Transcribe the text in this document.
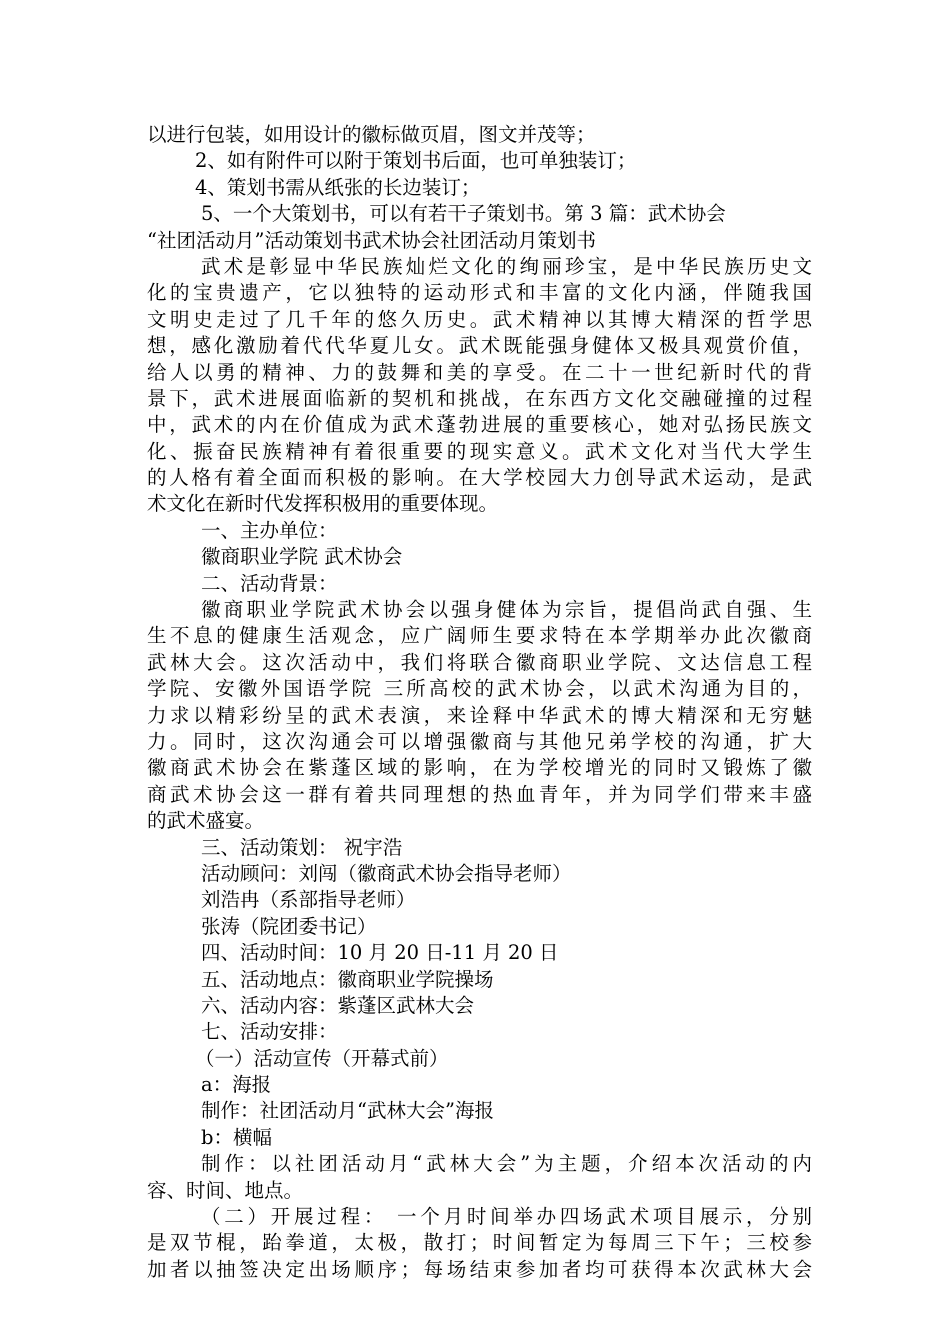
以进行包装，如用设计的徽标做页眉，图文并茂等；
2、如有附件可以附于策划书后面，也可单独装订；
4、策划书需从纸张的长边装订；
5、一个大策划书，可以有若干子策划书。第 3 篇：武术协会
“社团活动月”活动策划书武术协会社团活动月策划书
武术是彰显中华民族灿烂文化的绚丽珍宝，是中华民族历史文
化的宝贵遗产，它以独特的运动形式和丰富的文化内涵，伴随我国
文明史走过了几千年的悠久历史。武术精神以其博大精深的哲学思
想，感化激励着代代华夏儿女。武术既能强身健体又极具观赏价值，
给人以勇的精神、力的鼓舞和美的享受。在二十一世纪新时代的背
景下，武术进展面临新的契机和挑战，在东西方文化交融碰撞的过程
中，武术的内在价值成为武术蓬勃进展的重要核心，她对弘扬民族文
化、振奋民族精神有着很重要的现实意义。武术文化对当代大学生
的人格有着全面而积极的影响。在大学校园大力创导武术运动，是武
术文化在新时代发挥积极用的重要体现。
一、主办单位：
徽商职业学院 武术协会
二、活动背景：
徽商职业学院武术协会以强身健体为宗旨，提倡尚武自强、生
生不息的健康生活观念，应广阔师生要求特在本学期举办此次徽商
武林大会。这次活动中，我们将联合徽商职业学院、文达信息工程
学院、安徽外国语学院 三所高校的武术协会，以武术沟通为目的，
力求以精彩纷呈的武术表演，来诠释中华武术的博大精深和无穷魅
力。同时，这次沟通会可以增强徽商与其他兄弟学校的沟通，扩大
徽商武术协会在紫蓬区域的影响，在为学校增光的同时又锻炼了徽
商武术协会这一群有着共同理想的热血青年，并为同学们带来丰盛
的武术盛宴。
三、活动策划： 祝宇浩
活动顾问：刘闯（徽商武术协会指导老师）
刘浩冉（系部指导老师）
张涛（院团委书记）
四、活动时间：10 月 20 日-11 月 20 日
五、活动地点：徽商职业学院操场
六、活动内容：紫蓬区武林大会
七、活动安排：
（一）活动宣传（开幕式前）
a：海报
制作：社团活动月“武林大会”海报
b：横幅
制作：以社团活动月“武林大会”为主题，介绍本次活动的内
容、时间、地点。
（二）开展过程： 一个月时间举办四场武术项目展示，分别
是双节棍，跆拳道，太极，散打；时间暂定为每周三下午；三校参
加者以抽签决定出场顺序；每场结束参加者均可获得本次武林大会
